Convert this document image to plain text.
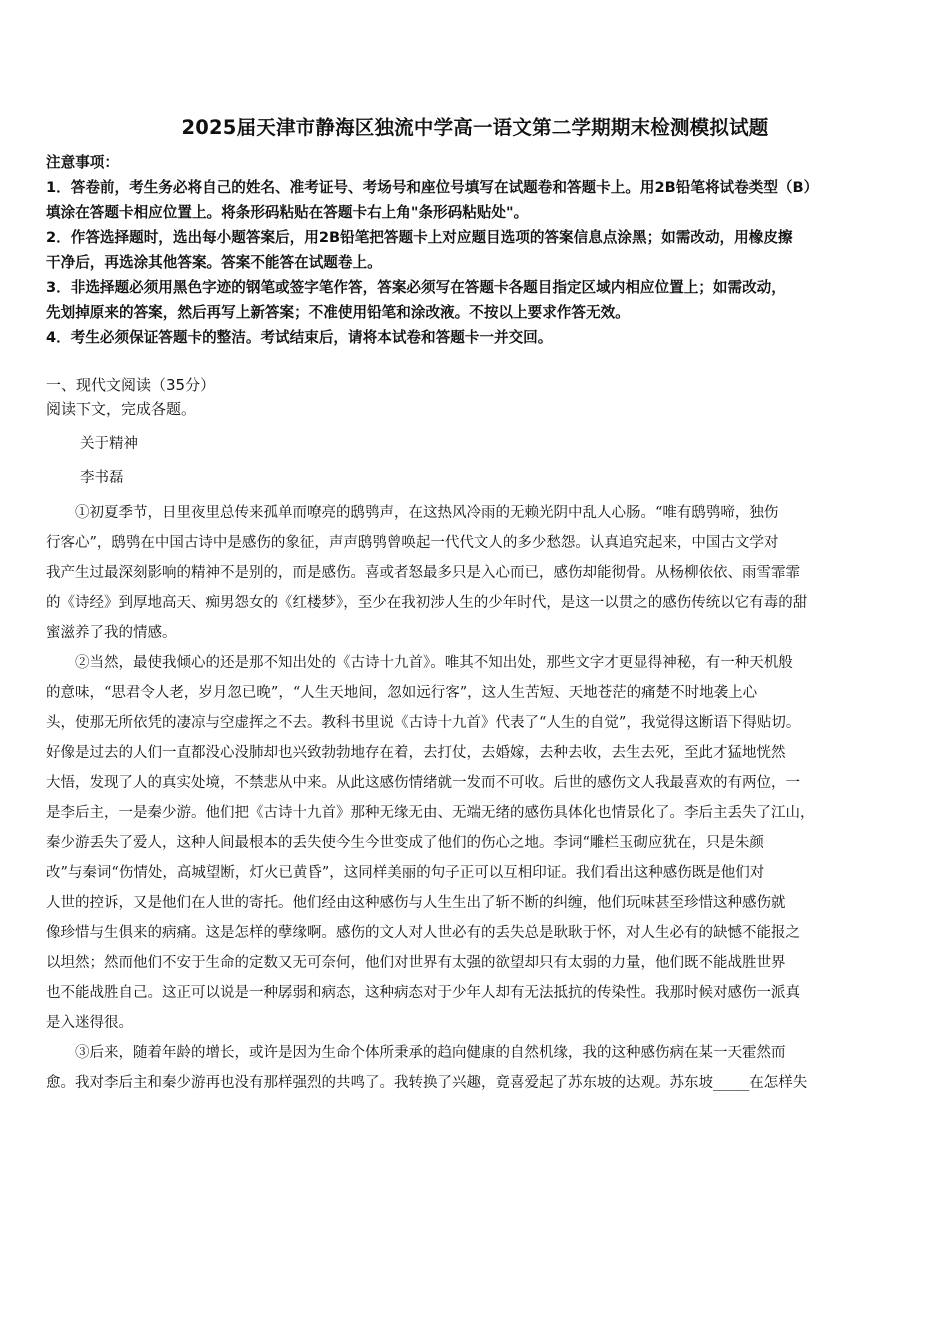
2025届天津市静海区独流中学高一语文第二学期期末检测模拟试题
注意事项：
1．答卷前，考生务必将自己的姓名、准考证号、考场号和座位号填写在试题卷和答题卡上。用2B铅笔将试卷类型（B）
填涂在答题卡相应位置上。将条形码粘贴在答题卡右上角"条形码粘贴处"。
2．作答选择题时，选出每小题答案后，用2B铅笔把答题卡上对应题目选项的答案信息点涂黑；如需改动，用橡皮擦
干净后，再选涂其他答案。答案不能答在试题卷上。
3．非选择题必须用黑色字迹的钢笔或签字笔作答，答案必须写在答题卡各题目指定区域内相应位置上；如需改动，
先划掉原来的答案，然后再写上新答案；不准使用铅笔和涂改液。不按以上要求作答无效。
4．考生必须保证答题卡的整洁。考试结束后，请将本试卷和答题卡一并交回。
一、现代文阅读（35分）
阅读下文，完成各题。
关于精神
李书磊
　　①初夏季节，日里夜里总传来孤单而嘹亮的鸱鸮声，在这热风冷雨的无赖光阴中乱人心肠。“唯有鸱鸮啼，独伤
行客心”，鸱鸮在中国古诗中是感伤的象征，声声鸱鸮曾唤起一代代文人的多少愁怨。认真追究起来，中国古文学对
我产生过最深刻影响的精神不是别的，而是感伤。喜或者怒最多只是入心而已，感伤却能彻骨。从杨柳依依、雨雪霏霏
的《诗经》到厚地高天、痴男怨女的《红楼梦》，至少在我初涉人生的少年时代，是这一以贯之的感伤传统以它有毒的甜
蜜滋养了我的情感。
　　②当然，最使我倾心的还是那不知出处的《古诗十九首》。唯其不知出处，那些文字才更显得神秘，有一种天机般
的意味，“思君令人老，岁月忽已晚”，“人生天地间，忽如远行客”，这人生苦短、天地苍茫的痛楚不时地袭上心
头，使那无所依凭的凄凉与空虚挥之不去。教科书里说《古诗十九首》代表了“人生的自觉”，我觉得这断语下得贴切。
好像是过去的人们一直都没心没肺却也兴致勃勃地存在着，去打仗，去婚嫁，去种去收，去生去死，至此才猛地恍然
大悟，发现了人的真实处境，不禁悲从中来。从此这感伤情绪就一发而不可收。后世的感伤文人我最喜欢的有两位，一
是李后主，一是秦少游。他们把《古诗十九首》那种无缘无由、无端无绪的感伤具体化也情景化了。李后主丢失了江山，
秦少游丢失了爱人，这种人间最根本的丢失使今生今世变成了他们的伤心之地。李词“雕栏玉砌应犹在，只是朱颜
改”与秦词“伤情处，高城望断，灯火已黄昏”，这同样美丽的句子正可以互相印证。我们看出这种感伤既是他们对
人世的控诉，又是他们在人世的寄托。他们经由这种感伤与人生生出了斩不断的纠缠，他们玩味甚至珍惜这种感伤就
像珍惜与生俱来的病痛。这是怎样的孽缘啊。感伤的文人对人世必有的丢失总是耿耿于怀，对人生必有的缺憾不能报之
以坦然；然而他们不安于生命的定数又无可奈何，他们对世界有太强的欲望却只有太弱的力量，他们既不能战胜世界
也不能战胜自己。这正可以说是一种孱弱和病态，这种病态对于少年人却有无法抵抗的传染性。我那时候对感伤一派真
是入迷得很。
　　③后来，随着年龄的增长，或许是因为生命个体所秉承的趋向健康的自然机缘，我的这种感伤病在某一天霍然而
愈。我对李后主和秦少游再也没有那样强烈的共鸣了。我转换了兴趣，竟喜爱起了苏东坡的达观。苏东坡_____在怎样失
